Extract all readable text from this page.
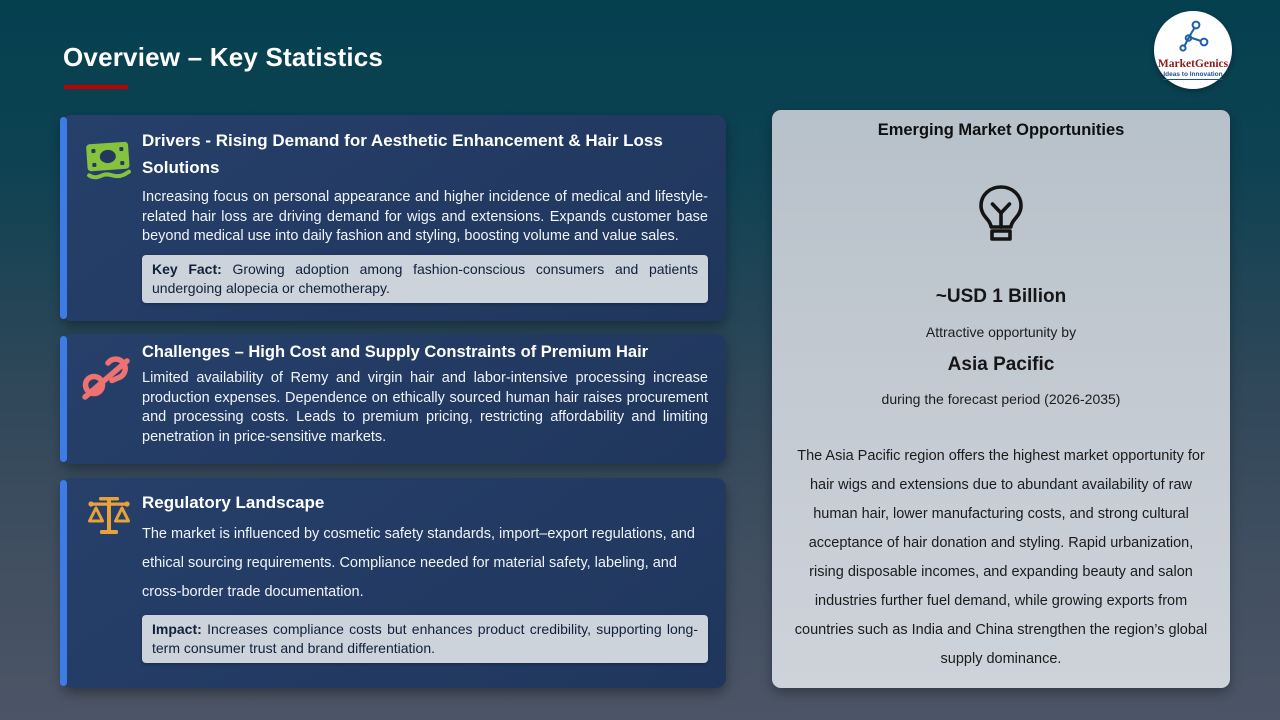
Overview – Key Statistics	MarketGenics
Ideas to Innovation
Drivers - Rising Demand for Aesthetic Enhancement & Hair Loss Solutions

Increasing focus on personal appearance and higher incidence of medical and lifestyle-related hair loss are driving demand for wigs and extensions. Expands customer base beyond medical use into daily fashion and styling, boosting volume and value sales.

Key Fact: Growing adoption among fashion-conscious consumers and patients undergoing alopecia or chemotherapy.
Challenges – High Cost and Supply Constraints of Premium Hair

Limited availability of Remy and virgin hair and labor-intensive processing increase production expenses. Dependence on ethically sourced human hair raises procurement and processing costs. Leads to premium pricing, restricting affordability and limiting penetration in price-sensitive markets.

Regulatory Landscape

The market is influenced by cosmetic safety standards, import–export regulations, and ethical sourcing requirements. Compliance needed for material safety, labeling, and cross-border trade documentation.

Impact: Increases compliance costs but enhances product credibility, supporting long-term consumer trust and brand differentiation.
Emerging Market Opportunities
~USD 1 Billion
Attractive opportunity by
Asia Pacific
during the forecast period (2026-2035)
The Asia Pacific region offers the highest market opportunity for hair wigs and extensions due to abundant availability of raw human hair, lower manufacturing costs, and strong cultural acceptance of hair donation and styling. Rapid urbanization, rising disposable incomes, and expanding beauty and salon industries further fuel demand, while growing exports from countries such as India and China strengthen the region’s global supply dominance.
